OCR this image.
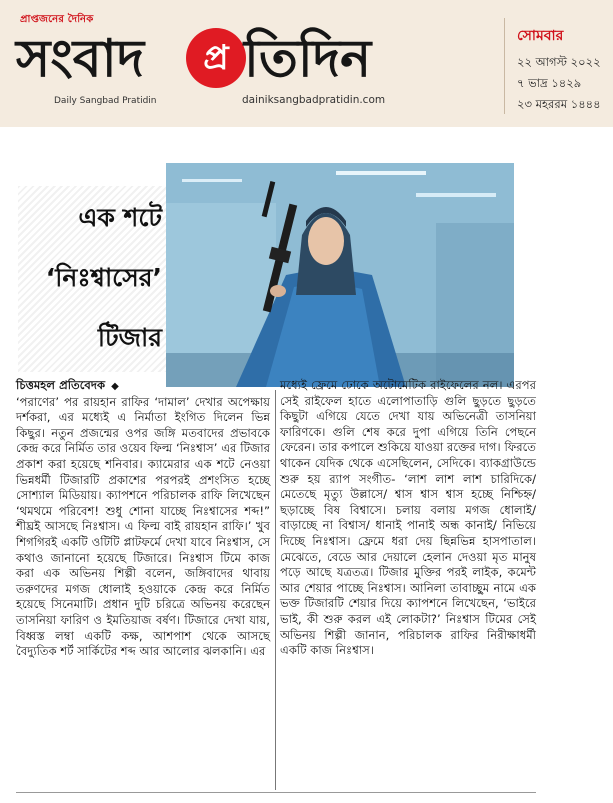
প্রাপ্তজনের দৈনিক
সংবাদ প্র তিদিন
Daily Sangbad Pratidin	dainiksangbadpratidin.com
সোমবার
২২ আগস্ট ২০২২
৭ ভাদ্র ১৪২৯
২৩ মহররম ১৪৪৪
এক শটে
‘নিঃশ্বাসের’
টিজার
চিত্তমহল প্রতিবেদক ◆
‘পরাণের’ পর রায়হান রাফির ‘দামাল’ দেখার অপেক্ষায় দর্শকরা, এর মধ্যেই এ নির্মাতা ইংগিত দিলেন ভিন্ন কিছুর। নতুন প্রজন্মের ওপর জঙ্গি মতবাদের প্রভাবকে কেন্দ্র করে নির্মিত তার ওয়েব ফিল্ম ‘নিঃশ্বাস’ এর টিজার প্রকাশ করা হয়েছে শনিবার। ক্যামেরার এক শটে নেওয়া ভিন্নধর্মী টিজারটি প্রকাশের পরপরই প্রশংসিত হচ্ছে সোশ্যাল মিডিয়ায়। ক্যাপশনে পরিচালক রাফি লিখেছেন ‘থমথমে পরিবেশ! শুধু শোনা যাচ্ছে নিঃশ্বাসের শব্দ!” শীঘ্রই আসছে নিঃশ্বাস। এ ফিল্ম বাই রায়হান রাফি।’ খুব শিগগিরই একটি ওটিটি প্লাটফর্মে দেখা যাবে নিঃশ্বাস, সে কথাও জানানো হয়েছে টিজারে। নিঃশ্বাস টিমে কাজ করা এক অভিনয় শিল্পী বলেন, জঙ্গিবাদের থাবায় তরুণদের মগজ ধোলাই হওয়াকে কেন্দ্র করে নির্মিত হয়েছে সিনেমাটি। প্রধান দুটি চরিত্রে অভিনয় করেছেন তাসনিয়া ফারিণ ও ইমতিয়াজ বর্ষণ। টিজারে দেখা যায়, বিধ্বস্ত লম্বা একটি কক্ষ, আশপাশ থেকে আসছে বৈদ্যুতিক শর্ট সার্কিটের শব্দ আর আলোর ঝলকানি। এর
মধ্যেই ফ্রেমে ঢোকে অটোমেটিক রাইফেলের নল। এরপর সেই রাইফেল হাতে এলোপাতাড়ি গুলি ছুড়তে ছুড়তে কিছুটা এগিয়ে যেতে দেখা যায় অভিনেত্রী তাসনিয়া ফারিণকে। গুলি শেষ করে দুপা এগিয়ে তিনি পেছনে ফেরেন। তার কপালে শুকিয়ে যাওয়া রক্তের দাগ। ফিরতে থাকেন যেদিক থেকে এসেছিলেন, সেদিকে। ব্যাকগ্রাউন্ডে শুরু হয় র‌্যাপ সংগীত- ‘লাশ লাশ লাশ চারিদিকে/ মেতেছে মৃত্যু উল্লাসে/ শ্বাস শ্বাস শ্বাস হচ্ছে নিশ্চিহ্ন/ ছড়াচ্ছে বিষ বিশ্বাসে। চলায় বলায় মগজ ধোলাই/ বাড়াচ্ছে না বিশ্বাস/ ধানাই পানাই অন্ধ কানাই/ নিভিয়ে দিচ্ছে নিঃশ্বাস। ফ্রেমে ধরা দেয় ছিন্নভিন্ন হাসপাতাল। মেঝেতে, বেডে আর দেয়ালে হেলান দেওয়া মৃত মানুষ পড়ে আছে যত্রতত্র। টিজার মুক্তির পরই লাইক, কমেন্ট আর শেয়ার পাচ্ছে নিঃশ্বাস। আনিলা তাবাচ্ছুম নামে এক ভক্ত টিজারটি শেয়ার দিয়ে ক্যাপশনে লিখেছেন, ‘ভাইরে ভাই, কী শুরু করল এই লোকটা?’ নিঃশ্বাস টিমের সেই অভিনয় শিল্পী জানান, পরিচালক রাফির নিরীক্ষাধর্মী একটি কাজ নিঃশ্বাস।
